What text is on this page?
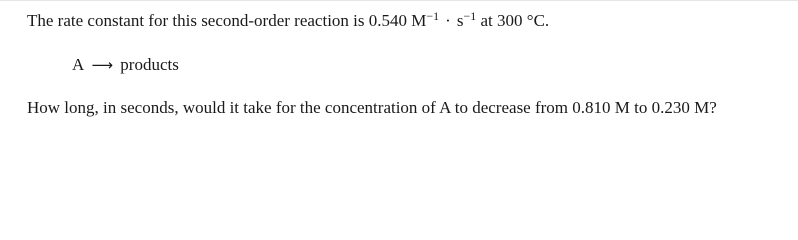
The rate constant for this second-order reaction is 0.540 $M^{-1} \cdot s^{-1}$ at 300 °C.
A ⟶ products
How long, in seconds, would it take for the concentration of A to decrease from 0.810 M to 0.230 M?
